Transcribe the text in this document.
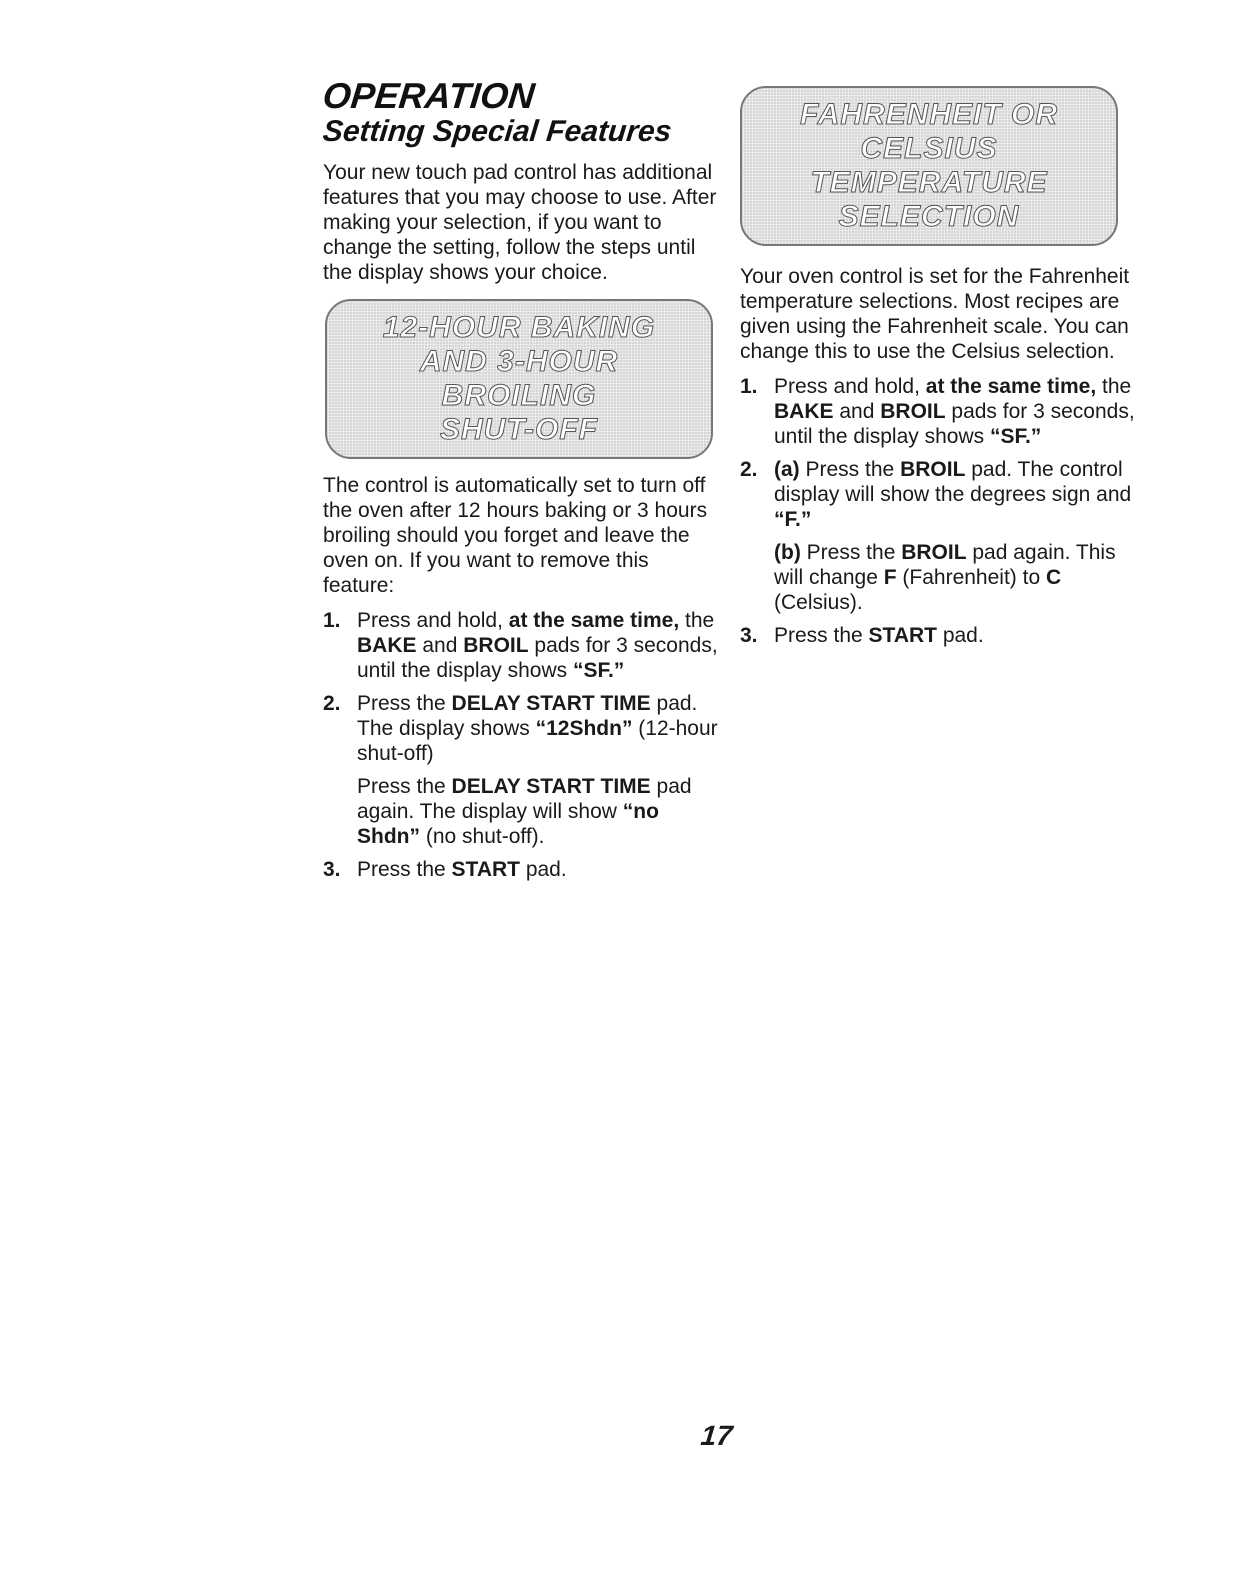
OPERATION
Setting Special Features

Your new touch pad control has additional features that you may choose to use. After making your selection, if you want to change the setting, follow the steps until the display shows your choice.

12-HOUR BAKING
AND 3-HOUR BROILING
SHUT-OFF

The control is automatically set to turn off the oven after 12 hours baking or 3 hours broiling should you forget and leave the oven on. If you want to remove this feature:

1. Press and hold, at the same time, the BAKE and BROIL pads for 3 seconds, until the display shows “SF.”
2. Press the DELAY START TIME pad. The display shows “12Shdn” (12-hour shut-off)
Press the DELAY START TIME pad again. The display will show “no Shdn” (no shut-off).
3. Press the START pad.
FAHRENHEIT OR CELSIUS
TEMPERATURE SELECTION

Your oven control is set for the Fahrenheit temperature selections. Most recipes are given using the Fahrenheit scale. You can change this to use the Celsius selection.

1. Press and hold, at the same time, the BAKE and BROIL pads for 3 seconds, until the display shows “SF.”
2. (a) Press the BROIL pad. The control display will show the degrees sign and “F.”
(b) Press the BROIL pad again. This will change F (Fahrenheit) to C (Celsius).
3. Press the START pad.
17
